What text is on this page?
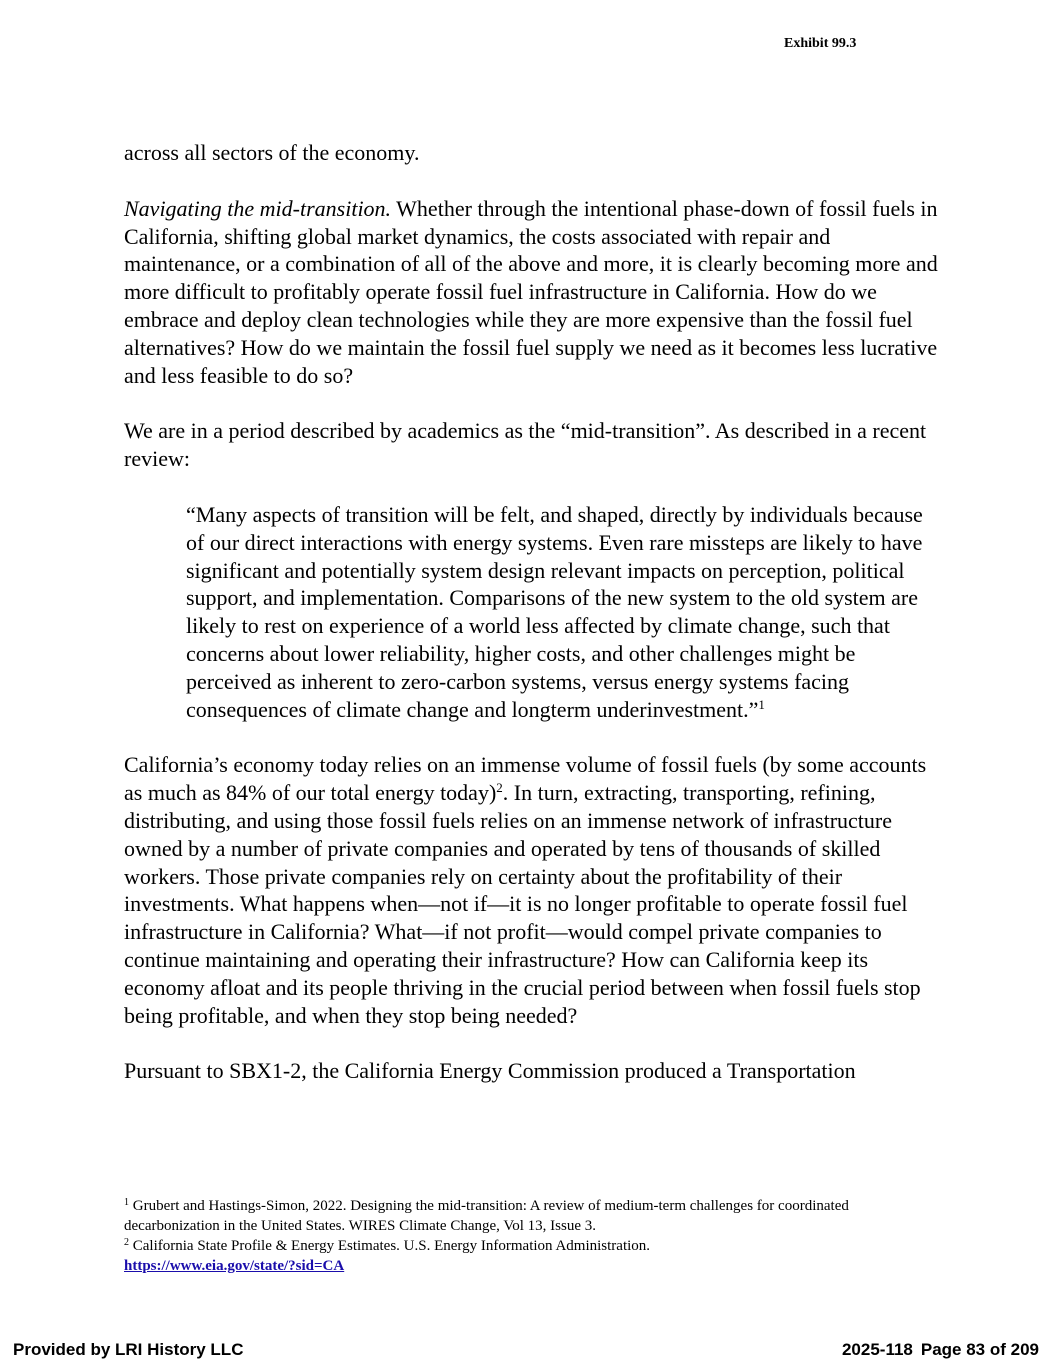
Exhibit 99.3

across all sectors of the economy.

Navigating the mid-transition. Whether through the intentional phase-down of fossil fuels in California, shifting global market dynamics, the costs associated with repair and maintenance, or a combination of all of the above and more, it is clearly becoming more and more difficult to profitably operate fossil fuel infrastructure in California. How do we embrace and deploy clean technologies while they are more expensive than the fossil fuel alternatives? How do we maintain the fossil fuel supply we need as it becomes less lucrative and less feasible to do so?

We are in a period described by academics as the “mid-transition”. As described in a recent review:

“Many aspects of transition will be felt, and shaped, directly by individuals because of our direct interactions with energy systems. Even rare missteps are likely to have significant and potentially system design relevant impacts on perception, political support, and implementation. Comparisons of the new system to the old system are likely to rest on experience of a world less affected by climate change, such that concerns about lower reliability, higher costs, and other challenges might be perceived as inherent to zero-carbon systems, versus energy systems facing consequences of climate change and longterm underinvestment.”$^1$

California’s economy today relies on an immense volume of fossil fuels (by some accounts as much as 84% of our total energy today)$^2$. In turn, extracting, transporting, refining, distributing, and using those fossil fuels relies on an immense network of infrastructure owned by a number of private companies and operated by tens of thousands of skilled workers. Those private companies rely on certainty about the profitability of their investments. What happens when—not if—it is no longer profitable to operate fossil fuel infrastructure in California? What—if not profit—would compel private companies to continue maintaining and operating their infrastructure? How can California keep its economy afloat and its people thriving in the crucial period between when fossil fuels stop being profitable, and when they stop being needed?

Pursuant to SBX1-2, the California Energy Commission produced a Transportation

$^1$ Grubert and Hastings-Simon, 2022. Designing the mid-transition: A review of medium-term challenges for coordinated decarbonization in the United States. WIRES Climate Change, Vol 13, Issue 3.

$^2$ California State Profile & Energy Estimates. U.S. Energy Information Administration.
https://www.eia.gov/state/?sid=CA

Provided by LRI History LLC	2025-118 Page 83 of 209
